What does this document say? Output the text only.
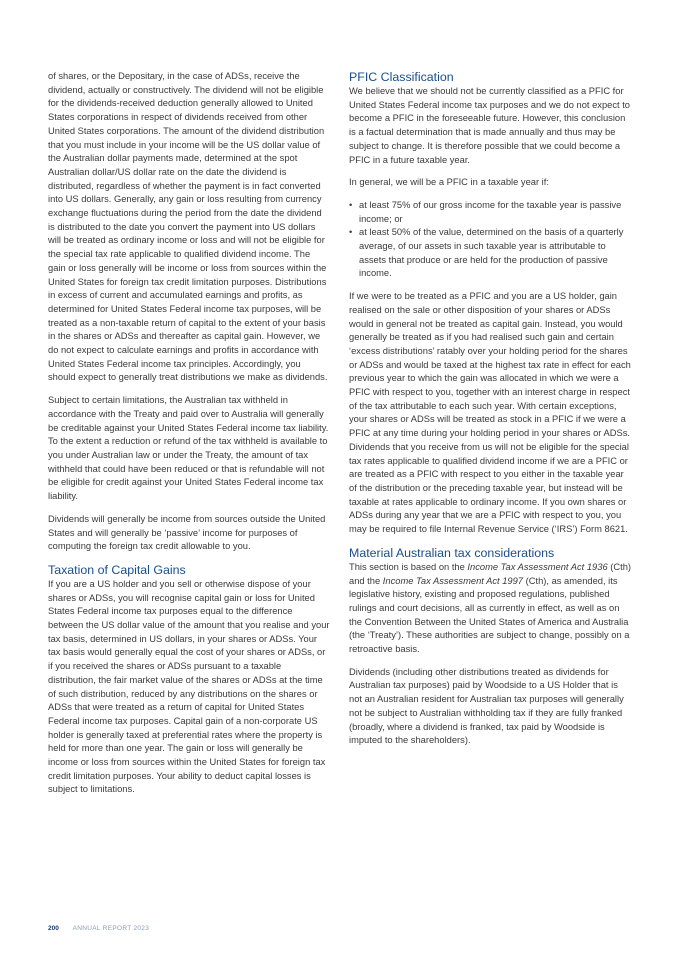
of shares, or the Depositary, in the case of ADSs, receive the dividend, actually or constructively. The dividend will not be eligible for the dividends-received deduction generally allowed to United States corporations in respect of dividends received from other United States corporations. The amount of the dividend distribution that you must include in your income will be the US dollar value of the Australian dollar payments made, determined at the spot Australian dollar/US dollar rate on the date the dividend is distributed, regardless of whether the payment is in fact converted into US dollars. Generally, any gain or loss resulting from currency exchange fluctuations during the period from the date the dividend is distributed to the date you convert the payment into US dollars will be treated as ordinary income or loss and will not be eligible for the special tax rate applicable to qualified dividend income. The gain or loss generally will be income or loss from sources within the United States for foreign tax credit limitation purposes. Distributions in excess of current and accumulated earnings and profits, as determined for United States Federal income tax purposes, will be treated as a non-taxable return of capital to the extent of your basis in the shares or ADSs and thereafter as capital gain. However, we do not expect to calculate earnings and profits in accordance with United States Federal income tax principles. Accordingly, you should expect to generally treat distributions we make as dividends.

Subject to certain limitations, the Australian tax withheld in accordance with the Treaty and paid over to Australia will generally be creditable against your United States Federal income tax liability. To the extent a reduction or refund of the tax withheld is available to you under Australian law or under the Treaty, the amount of tax withheld that could have been reduced or that is refundable will not be eligible for credit against your United States Federal income tax liability.

Dividends will generally be income from sources outside the United States and will generally be ‘passive’ income for purposes of computing the foreign tax credit allowable to you.

Taxation of Capital Gains

If you are a US holder and you sell or otherwise dispose of your shares or ADSs, you will recognise capital gain or loss for United States Federal income tax purposes equal to the difference between the US dollar value of the amount that you realise and your tax basis, determined in US dollars, in your shares or ADSs. Your tax basis would generally equal the cost of your shares or ADSs, or if you received the shares or ADSs pursuant to a taxable distribution, the fair market value of the shares or ADSs at the time of such distribution, reduced by any distributions on the shares or ADSs that were treated as a return of capital for United States Federal income tax purposes. Capital gain of a non-corporate US holder is generally taxed at preferential rates where the property is held for more than one year. The gain or loss will generally be income or loss from sources within the United States for foreign tax credit limitation purposes. Your ability to deduct capital losses is subject to limitations.

PFIC Classification

We believe that we should not be currently classified as a PFIC for United States Federal income tax purposes and we do not expect to become a PFIC in the foreseeable future. However, this conclusion is a factual determination that is made annually and thus may be subject to change. It is therefore possible that we could become a PFIC in a future taxable year.

In general, we will be a PFIC in a taxable year if:

• at least 75% of our gross income for the taxable year is passive income; or
• at least 50% of the value, determined on the basis of a quarterly average, of our assets in such taxable year is attributable to assets that produce or are held for the production of passive income.

If we were to be treated as a PFIC and you are a US holder, gain realised on the sale or other disposition of your shares or ADSs would in general not be treated as capital gain. Instead, you would generally be treated as if you had realised such gain and certain ‘excess distributions’ ratably over your holding period for the shares or ADSs and would be taxed at the highest tax rate in effect for each previous year to which the gain was allocated in which we were a PFIC with respect to you, together with an interest charge in respect of the tax attributable to each such year. With certain exceptions, your shares or ADSs will be treated as stock in a PFIC if we were a PFIC at any time during your holding period in your shares or ADSs. Dividends that you receive from us will not be eligible for the special tax rates applicable to qualified dividend income if we are a PFIC or are treated as a PFIC with respect to you either in the taxable year of the distribution or the preceding taxable year, but instead will be taxable at rates applicable to ordinary income. If you own shares or ADSs during any year that we are a PFIC with respect to you, you may be required to file Internal Revenue Service (‘IRS’) Form 8621.

Material Australian tax considerations

This section is based on the Income Tax Assessment Act 1936 (Cth) and the Income Tax Assessment Act 1997 (Cth), as amended, its legislative history, existing and proposed regulations, published rulings and court decisions, all as currently in effect, as well as on the Convention Between the United States of America and Australia (the ‘Treaty’). These authorities are subject to change, possibly on a retroactive basis.

Dividends (including other distributions treated as dividends for Australian tax purposes) paid by Woodside to a US Holder that is not an Australian resident for Australian tax purposes will generally not be subject to Australian withholding tax if they are fully franked (broadly, where a dividend is franked, tax paid by Woodside is imputed to the shareholders).

200 ANNUAL REPORT 2023
